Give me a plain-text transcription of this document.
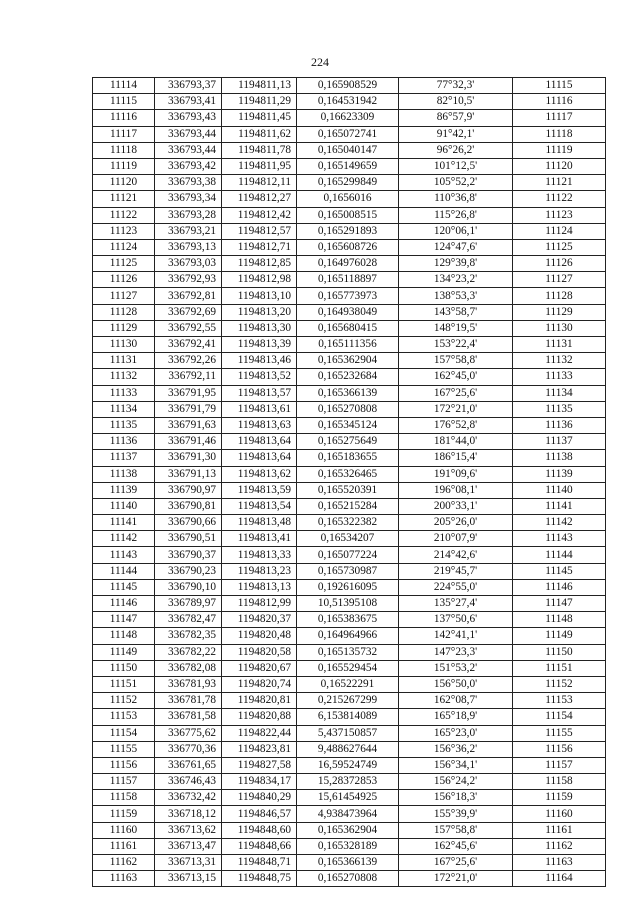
224
11114	336793,37	1194811,13	0,165908529	77°32,3'	11115
11115	336793,41	1194811,29	0,164531942	82°10,5'	11116
11116	336793,43	1194811,45	0,16623309	86°57,9'	11117
11117	336793,44	1194811,62	0,165072741	91°42,1'	11118
11118	336793,44	1194811,78	0,165040147	96°26,2'	11119
11119	336793,42	1194811,95	0,165149659	101°12,5'	11120
11120	336793,38	1194812,11	0,165299849	105°52,2'	11121
11121	336793,34	1194812,27	0,1656016	110°36,8'	11122
11122	336793,28	1194812,42	0,165008515	115°26,8'	11123
11123	336793,21	1194812,57	0,165291893	120°06,1'	11124
11124	336793,13	1194812,71	0,165608726	124°47,6'	11125
11125	336793,03	1194812,85	0,164976028	129°39,8'	11126
11126	336792,93	1194812,98	0,165118897	134°23,2'	11127
11127	336792,81	1194813,10	0,165773973	138°53,3'	11128
11128	336792,69	1194813,20	0,164938049	143°58,7'	11129
11129	336792,55	1194813,30	0,165680415	148°19,5'	11130
11130	336792,41	1194813,39	0,165111356	153°22,4'	11131
11131	336792,26	1194813,46	0,165362904	157°58,8'	11132
11132	336792,11	1194813,52	0,165232684	162°45,0'	11133
11133	336791,95	1194813,57	0,165366139	167°25,6'	11134
11134	336791,79	1194813,61	0,165270808	172°21,0'	11135
11135	336791,63	1194813,63	0,165345124	176°52,8'	11136
11136	336791,46	1194813,64	0,165275649	181°44,0'	11137
11137	336791,30	1194813,64	0,165183655	186°15,4'	11138
11138	336791,13	1194813,62	0,165326465	191°09,6'	11139
11139	336790,97	1194813,59	0,165520391	196°08,1'	11140
11140	336790,81	1194813,54	0,165215284	200°33,1'	11141
11141	336790,66	1194813,48	0,165322382	205°26,0'	11142
11142	336790,51	1194813,41	0,16534207	210°07,9'	11143
11143	336790,37	1194813,33	0,165077224	214°42,6'	11144
11144	336790,23	1194813,23	0,165730987	219°45,7'	11145
11145	336790,10	1194813,13	0,192616095	224°55,0'	11146
11146	336789,97	1194812,99	10,51395108	135°27,4'	11147
11147	336782,47	1194820,37	0,165383675	137°50,6'	11148
11148	336782,35	1194820,48	0,164964966	142°41,1'	11149
11149	336782,22	1194820,58	0,165135732	147°23,3'	11150
11150	336782,08	1194820,67	0,165529454	151°53,2'	11151
11151	336781,93	1194820,74	0,16522291	156°50,0'	11152
11152	336781,78	1194820,81	0,215267299	162°08,7'	11153
11153	336781,58	1194820,88	6,153814089	165°18,9'	11154
11154	336775,62	1194822,44	5,437150857	165°23,0'	11155
11155	336770,36	1194823,81	9,488627644	156°36,2'	11156
11156	336761,65	1194827,58	16,59524749	156°34,1'	11157
11157	336746,43	1194834,17	15,28372853	156°24,2'	11158
11158	336732,42	1194840,29	15,61454925	156°18,3'	11159
11159	336718,12	1194846,57	4,938473964	155°39,9'	11160
11160	336713,62	1194848,60	0,165362904	157°58,8'	11161
11161	336713,47	1194848,66	0,165328189	162°45,6'	11162
11162	336713,31	1194848,71	0,165366139	167°25,6'	11163
11163	336713,15	1194848,75	0,165270808	172°21,0'	11164
